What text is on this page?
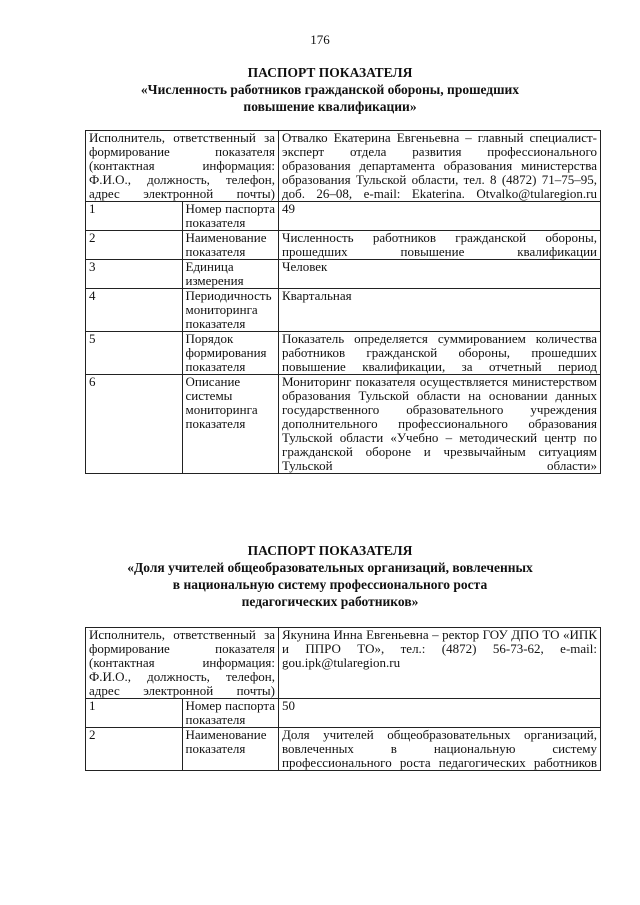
176
ПАСПОРТ ПОКАЗАТЕЛЯ
«Численность работников гражданской обороны, прошедших
повышение квалификации»
Исполнитель, ответственный за формирование показателя (контактная информация: Ф.И.О., должность, телефон, адрес электронной почты)		Отвалко Екатерина Евгеньевна – главный специалист-эксперт отдела развития профессионального образования департамента образования министерства образования Тульской области, тел. 8 (4872) 71–75–95, доб. 26–08, e-mail: Ekaterina. Otvalko@tularegion.ru
1	Номер паспорта показателя	49
2	Наименование показателя	Численность работников гражданской обороны, прошедших повышение квалификации
3	Единица измерения	Человек
4	Периодичность мониторинга показателя	Квартальная
5	Порядок формирования показателя	Показатель определяется суммированием количества работников гражданской обороны, прошедших повышение квалификации, за отчетный период
6	Описание системы мониторинга показателя	Мониторинг показателя осуществляется министерством образования Тульской области на основании данных государственного образовательного учреждения дополнительного профессионального образования Тульской области «Учебно – методический центр по гражданской обороне и чрезвычайным ситуациям Тульской области»
ПАСПОРТ ПОКАЗАТЕЛЯ
«Доля учителей общеобразовательных организаций, вовлеченных
в национальную систему профессионального роста
педагогических работников»
Исполнитель, ответственный за формирование показателя (контактная информация: Ф.И.О., должность, телефон, адрес электронной почты)		Якунина Инна Евгеньевна – ректор ГОУ ДПО ТО «ИПК и ППРО ТО», тел.: (4872) 56-73-62, e-mail: gou.ipk@tularegion.ru
1	Номер паспорта показателя	50
2	Наименование показателя	Доля учителей общеобразовательных организаций, вовлеченных в национальную систему профессионального роста педагогических работников
